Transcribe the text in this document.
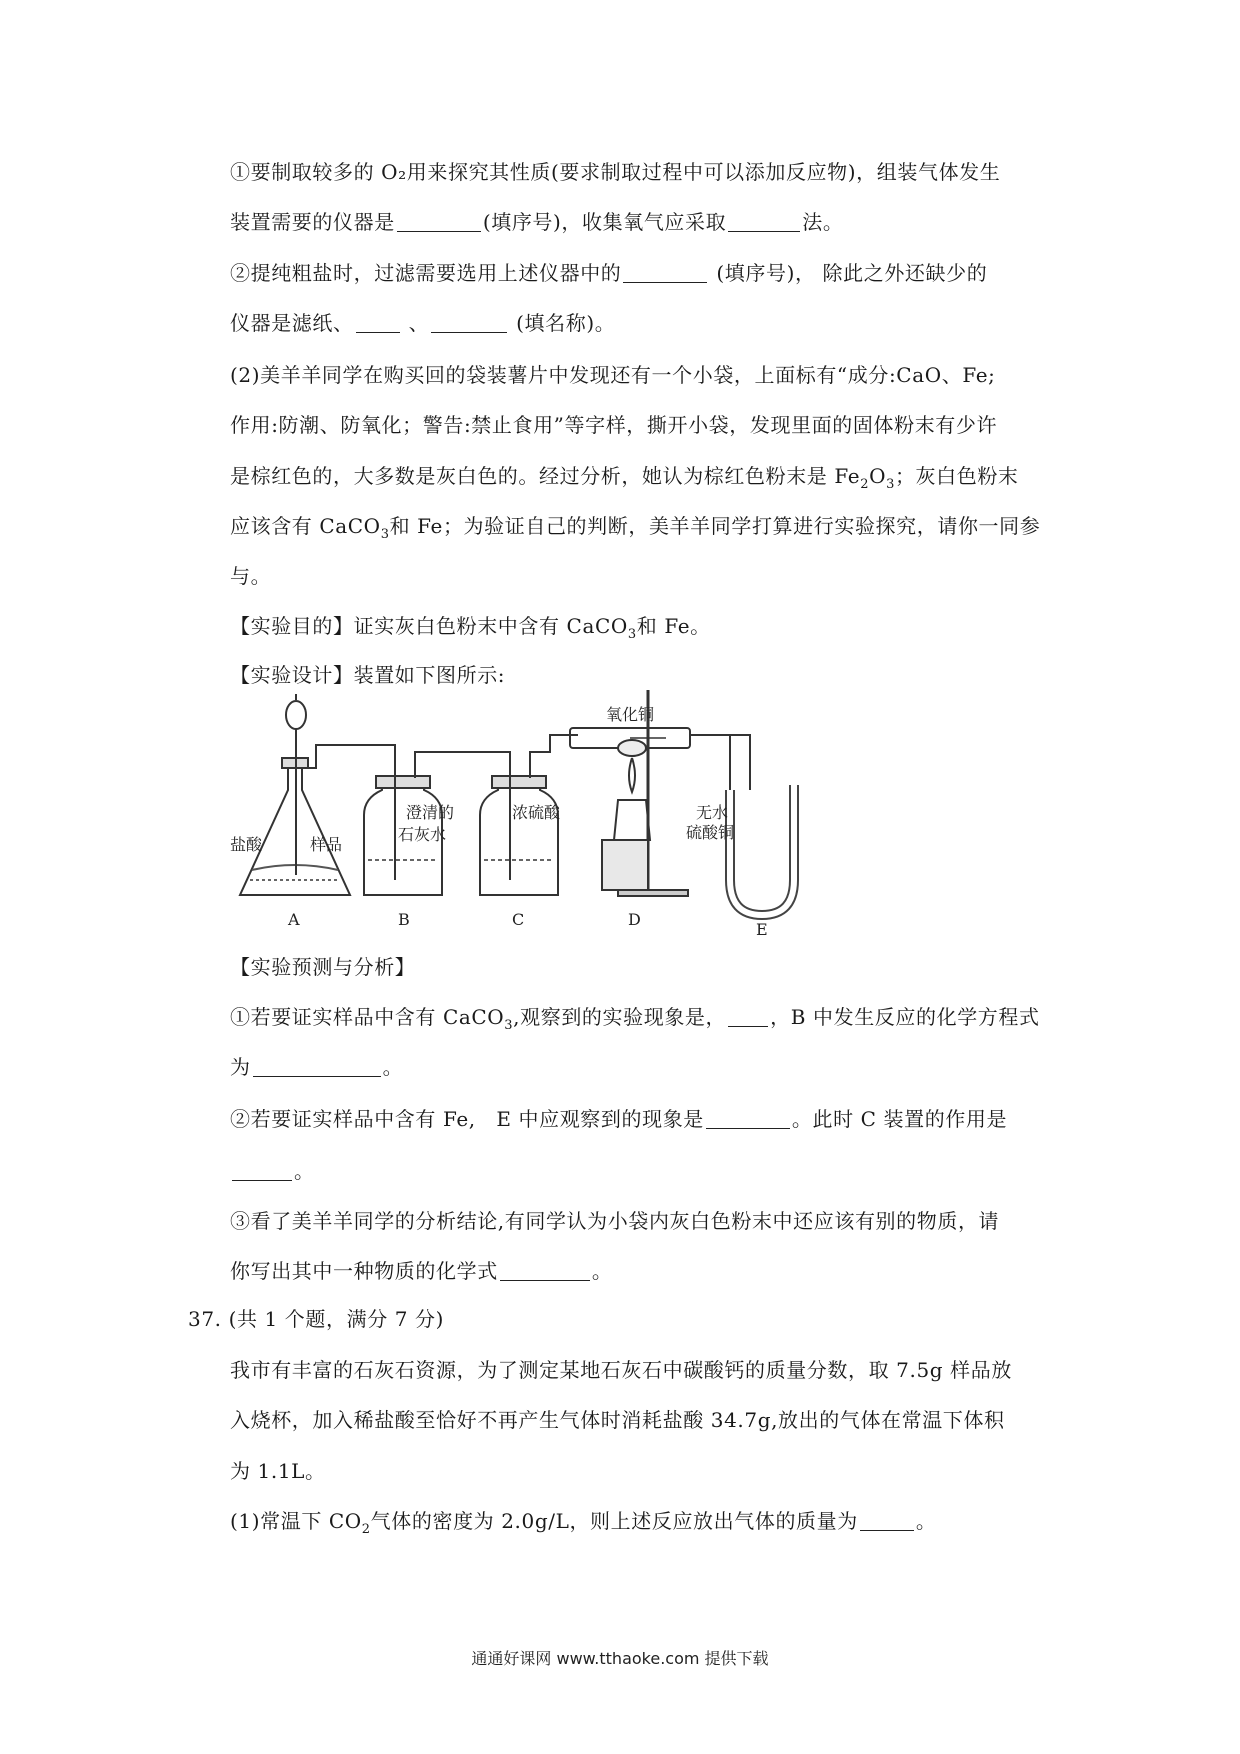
①要制取较多的 O₂用来探究其性质(要求制取过程中可以添加反应物)，组装气体发生
装置需要的仪器是	(填序号)，收集氧气应采取	法。
②提纯粗盐时，过滤需要选用上述仪器中的	(填序号)， 除此之外还缺少的
仪器是滤纸、 、	(填名称)。
(2)美羊羊同学在购买回的袋装薯片中发现还有一个小袋，上面标有“成分:CaO、Fe;
作用:防潮、防氧化；警告:禁止食用”等字样，撕开小袋，发现里面的固体粉末有少许
是棕红色的，大多数是灰白色的。经过分析，她认为棕红色粉末是 $Fe_2O_3$；灰白色粉末
应该含有 CaCO$_3$和 Fe；为验证自己的判断，美羊羊同学打算进行实验探究，请你一同参
与。
【实验目的】证实灰白色粉末中含有 CaCO$_3$和 Fe。
【实验设计】装置如下图所示:
盐酸	样品
澄清的
石灰水
浓硫酸
氧化铜
无水
硫酸铜
A	B	C	D
E
【实验预测与分析】
①若要证实样品中含有 CaCO$_3$,观察到的实验现象是， ，B 中发生反应的化学方程式
为	。
②若要证实样品中含有 Fe,　E 中应观察到的现象是	。此时 C 装置的作用是
。
③看了美羊羊同学的分析结论,有同学认为小袋内灰白色粉末中还应该有别的物质，请
你写出其中一种物质的化学式	。
37. (共 1 个题，满分 7 分)
我市有丰富的石灰石资源，为了测定某地石灰石中碳酸钙的质量分数，取 7.5g 样品放
入烧杯，加入稀盐酸至恰好不再产生气体时消耗盐酸 34.7g,放出的气体在常温下体积
为 1.1L。
(1)常温下 $CO_2$气体的密度为 2.0g/L，则上述反应放出气体的质量为	。
通通好课网 www.tthaoke.com 提供下载
